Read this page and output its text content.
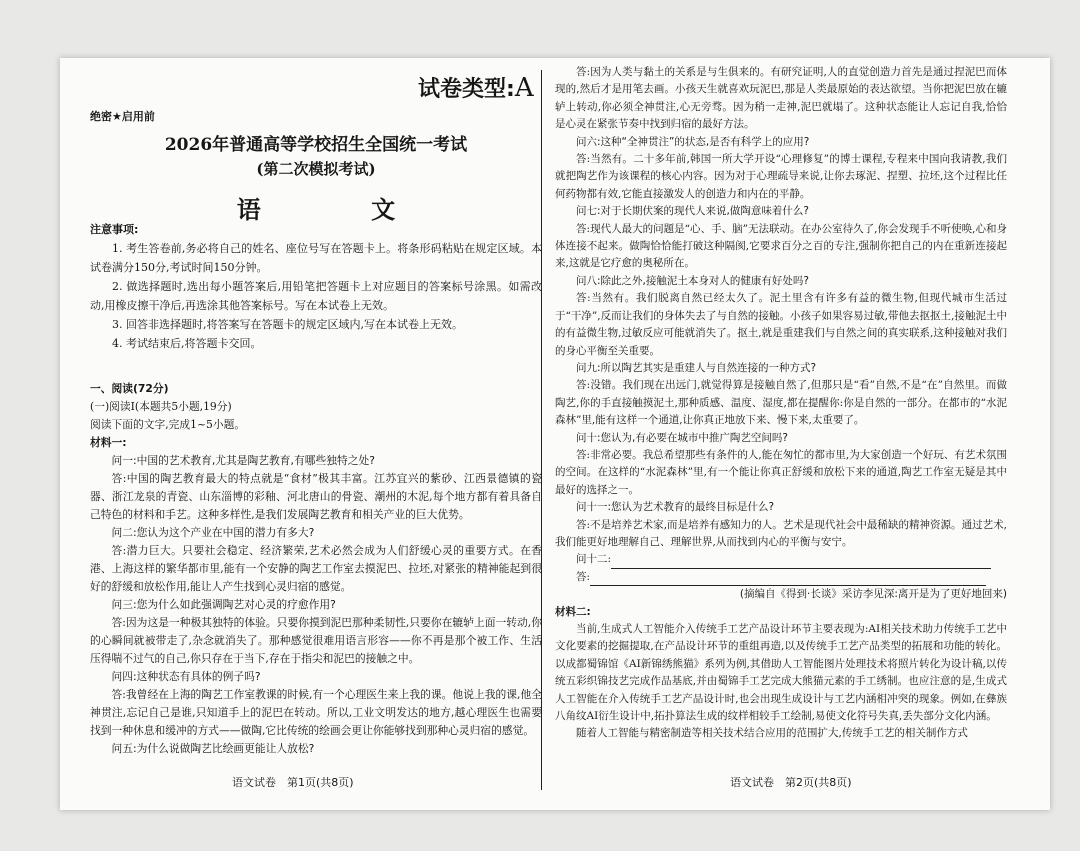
试卷类型:A
绝密★启用前
2026年普通高等学校招生全国统一考试
(第二次模拟考试)
语　文
注意事项:

1. 考生答卷前,务必将自己的姓名、座位号写在答题卡上。将条形码粘贴在规定区域。本试卷满分150分,考试时间150分钟。

2. 做选择题时,选出每小题答案后,用铅笔把答题卡上对应题目的答案标号涂黑。如需改动,用橡皮擦干净后,再选涂其他答案标号。写在本试卷上无效。

3. 回答非选择题时,将答案写在答题卡的规定区域内,写在本试卷上无效。

4. 考试结束后,将答题卡交回。

一、阅读(72分)
(一)阅读Ⅰ(本题共5小题,19分)
阅读下面的文字,完成1~5小题。
材料一:

问一:中国的艺术教育,尤其是陶艺教育,有哪些独特之处?

答:中国的陶艺教育最大的特点就是“食材”极其丰富。江苏宜兴的紫砂、江西景德镇的瓷器、浙江龙泉的青瓷、山东淄博的彩釉、河北唐山的骨瓷、潮州的木泥,每个地方都有着具备自己特色的材料和手艺。这种多样性,是我们发展陶艺教育和相关产业的巨大优势。

问二:您认为这个产业在中国的潜力有多大?

答:潜力巨大。只要社会稳定、经济繁荣,艺术必然会成为人们舒缓心灵的重要方式。在香港、上海这样的繁华都市里,能有一个安静的陶艺工作室去摸泥巴、拉坯,对紧张的精神能起到很好的舒缓和放松作用,能让人产生找到心灵归宿的感觉。

问三:您为什么如此强调陶艺对心灵的疗愈作用?

答:因为这是一种极其独特的体验。只要你摸到泥巴那种柔韧性,只要你在辘轳上面一转动,你的心瞬间就被带走了,杂念就消失了。那种感觉很难用语言形容——你不再是那个被工作、生活压得喘不过气的自己,你只存在于当下,存在于指尖和泥巴的接触之中。

问四:这种状态有具体的例子吗?

答:我曾经在上海的陶艺工作室教课的时候,有一个心理医生来上我的课。他说上我的课,他全神贯注,忘记自己是谁,只知道手上的泥巴在转动。所以,工业文明发达的地方,越心理医生也需要找到一种休息和缓冲的方式——做陶,它比传统的绘画会更让你能够找到那种心灵归宿的感觉。

问五:为什么说做陶艺比绘画更能让人放松?

答:因为人类与黏土的关系是与生俱来的。有研究证明,人的直觉创造力首先是通过捏泥巴而体现的,然后才是用笔去画。小孩天生就喜欢玩泥巴,那是人类最原始的表达欲望。当你把泥巴放在辘轳上转动,你必须全神贯注,心无旁骛。因为稍一走神,泥巴就塌了。这种状态能让人忘记自我,恰恰是心灵在紧张节奏中找到归宿的最好方法。

问六:这种“全神贯注”的状态,是否有科学上的应用?

答:当然有。二十多年前,韩国一所大学开设“心理修复”的博士课程,专程来中国向我请教,我们就把陶艺作为该课程的核心内容。因为对于心理疏导来说,让你去琢泥、捏塑、拉坯,这个过程比任何药物都有效,它能直接激发人的创造力和内在的平静。

问七:对于长期伏案的现代人来说,做陶意味着什么?

答:现代人最大的问题是“心、手、脑”无法联动。在办公室待久了,你会发现手不听使唤,心和身体连接不起来。做陶恰恰能打破这种隔阂,它要求百分之百的专注,强制你把自己的内在重新连接起来,这就是它疗愈的奥秘所在。

问八:除此之外,接触泥土本身对人的健康有好处吗?

答:当然有。我们脱离自然已经太久了。泥土里含有许多有益的微生物,但现代城市生活过于“干净”,反而让我们的身体失去了与自然的接触。小孩子如果容易过敏,带他去抠抠土,接触泥土中的有益微生物,过敏反应可能就消失了。抠土,就是重建我们与自然之间的真实联系,这种接触对我们的身心平衡至关重要。

问九:所以陶艺其实是重建人与自然连接的一种方式?

答:没错。我们现在出远门,就觉得算是接触自然了,但那只是“看”自然,不是“在”自然里。而做陶艺,你的手直接触摸泥土,那种质感、温度、湿度,都在提醒你:你是自然的一部分。在都市的“水泥森林”里,能有这样一个通道,让你真正地放下来、慢下来,太重要了。

问十:您认为,有必要在城市中推广陶艺空间吗?

答:非常必要。我总希望那些有条件的人,能在匆忙的都市里,为大家创造一个好玩、有艺术氛围的空间。在这样的“水泥森林”里,有一个能让你真正舒缓和放松下来的通道,陶艺工作室无疑是其中最好的选择之一。

问十一:您认为艺术教育的最终目标是什么?

答:不是培养艺术家,而是培养有感知力的人。艺术是现代社会中最稀缺的精神资源。通过艺术,我们能更好地理解自己、理解世界,从而找到内心的平衡与安宁。

问十二:

答:

(摘编自《得到·长谈》采访李见深:离开是为了更好地回来)

材料二:

当前,生成式人工智能介入传统手工艺产品设计环节主要表现为:AI相关技术助力传统手工艺中文化要素的挖掘提取,在产品设计环节的重组再造,以及传统手工艺产品类型的拓展和功能的转化。以成都蜀锦馆《AI新锦绣熊猫》系列为例,其借助人工智能图片处理技术将照片转化为设计稿,以传统五彩织锦技艺完成作品基底,并由蜀锦手工艺完成大熊猫元素的手工绣制。也应注意的是,生成式人工智能在介入传统手工艺产品设计时,也会出现生成设计与工艺内涵相冲突的现象。例如,在彝族八角纹AI衍生设计中,拓扑算法生成的纹样相较手工绘制,易使文化符号失真,丢失部分文化内涵。

随着人工智能与精密制造等相关技术结合应用的范围扩大,传统手工艺的相关制作方式

语文试卷　第1页(共8页)	语文试卷　第2页(共8页)
